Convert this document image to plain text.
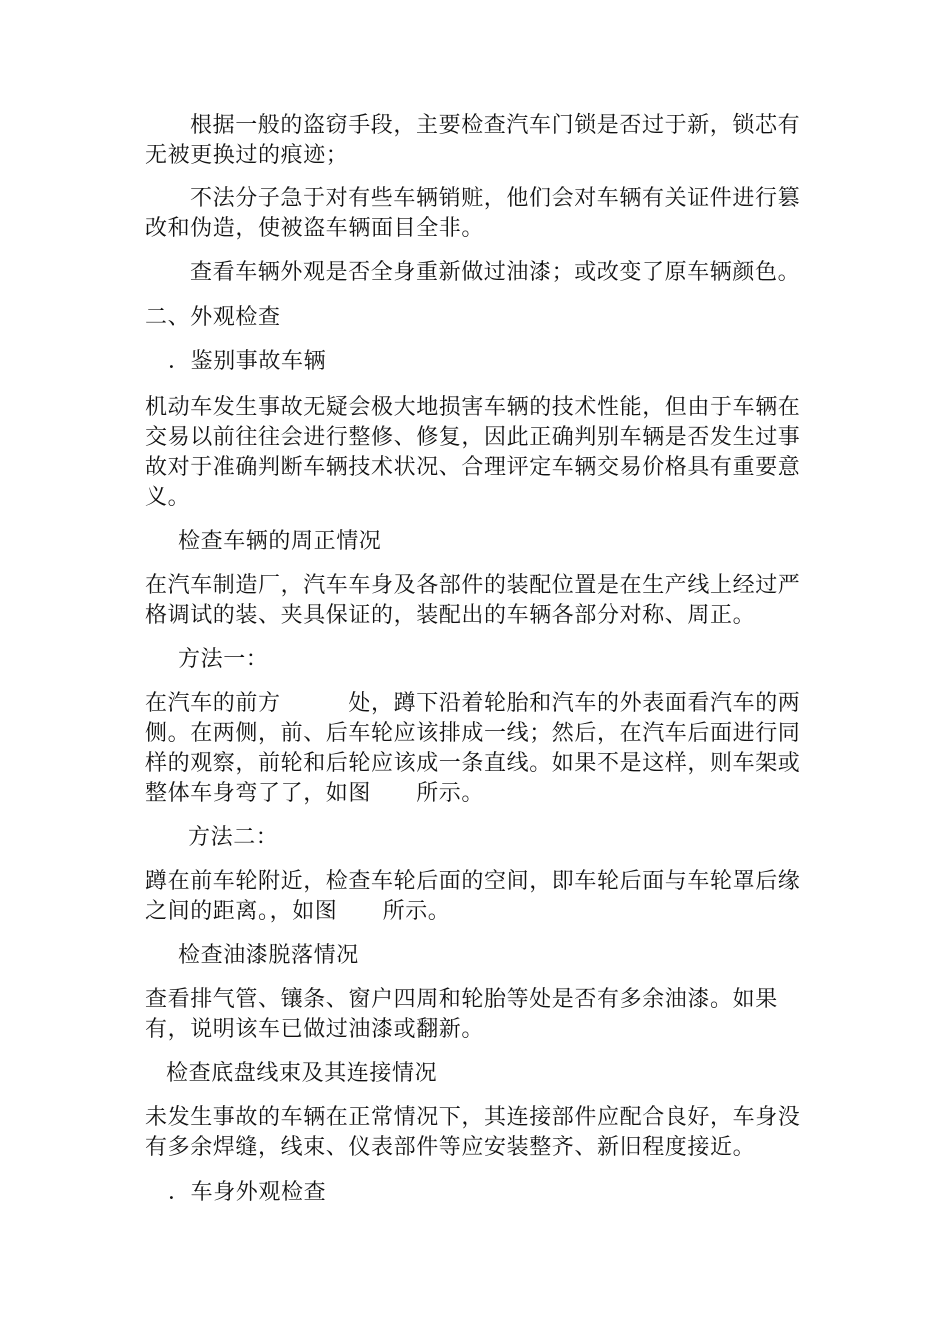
根据一般的盗窃手段，主要检查汽车门锁是否过于新，锁芯有

无被更换过的痕迹；

不法分子急于对有些车辆销赃，他们会对车辆有关证件进行篡

改和伪造，使被盗车辆面目全非。

查看车辆外观是否全身重新做过油漆；或改变了原车辆颜色。

二、外观检查

．鉴别事故车辆

机动车发生事故无疑会极大地损害车辆的技术性能，但由于车辆在

交易以前往往会进行整修、修复，因此正确判别车辆是否发生过事

故对于准确判断车辆技术状况、合理评定车辆交易价格具有重要意

义。

检查车辆的周正情况

在汽车制造厂，汽车车身及各部件的装配位置是在生产线上经过严

格调试的装、夹具保证的，装配出的车辆各部分对称、周正。

方法一：

在汽车的前方　　　处，蹲下沿着轮胎和汽车的外表面看汽车的两

侧。在两侧，前、后车轮应该排成一线；然后，在汽车后面进行同

样的观察，前轮和后轮应该成一条直线。如果不是这样，则车架或

整体车身弯了了，如图　　所示。

方法二：

蹲在前车轮附近，检查车轮后面的空间，即车轮后面与车轮罩后缘

之间的距离。，如图　　所示。

检查油漆脱落情况

查看排气管、镶条、窗户四周和轮胎等处是否有多余油漆。如果

有，说明该车已做过油漆或翻新。

检查底盘线束及其连接情况

未发生事故的车辆在正常情况下，其连接部件应配合良好，车身没

有多余焊缝，线束、仪表部件等应安装整齐、新旧程度接近。

．车身外观检查
